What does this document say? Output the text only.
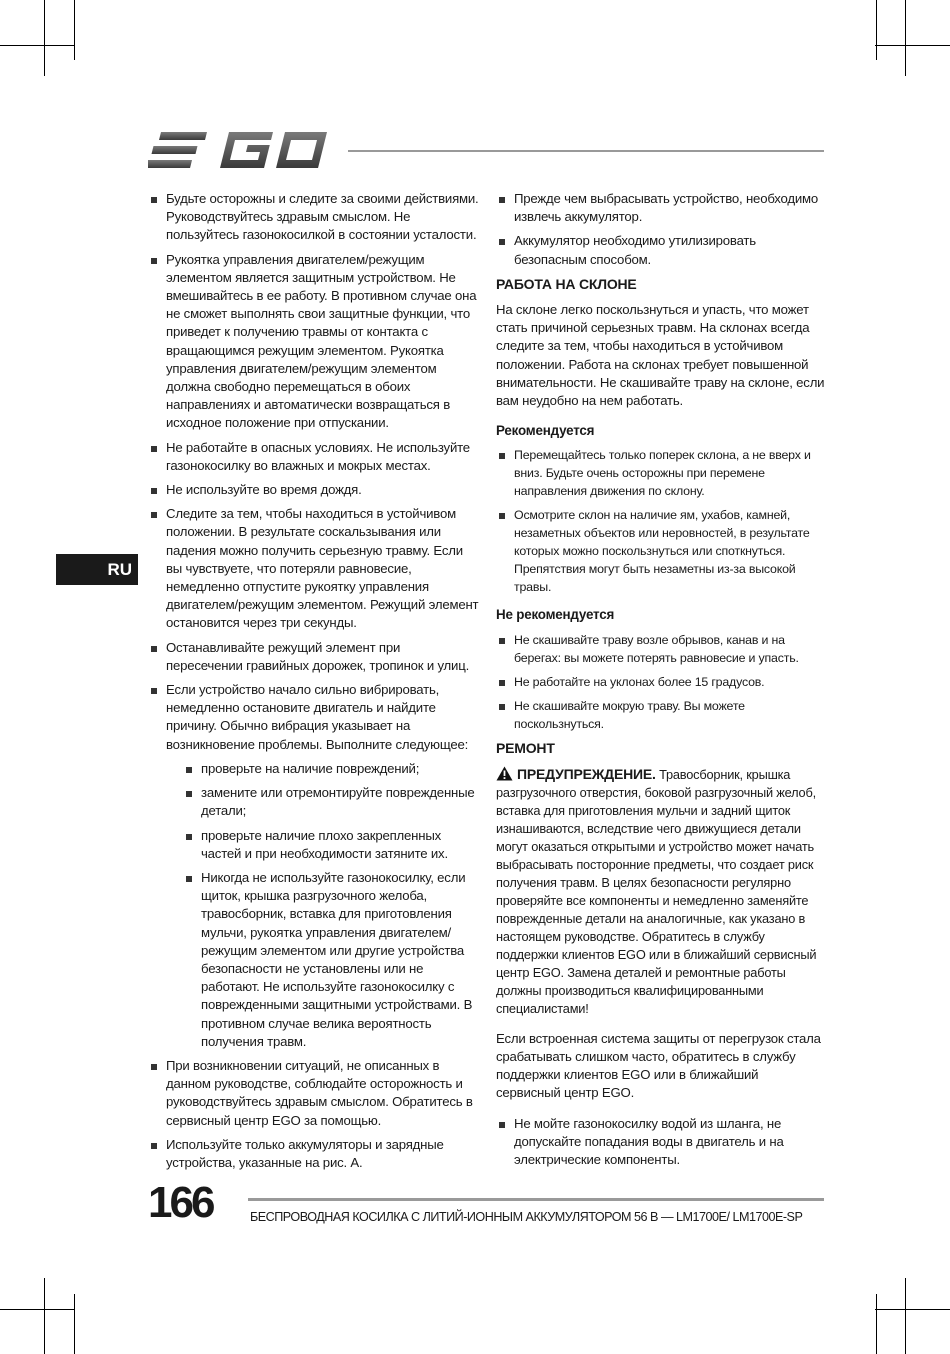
RU
Будьте осторожны и следите за своими действиями. Руководствуйтесь здравым смыслом. Не пользуйтесь газонокосилкой в состоянии усталости.
Рукоятка управления двигателем/режущим элементом является защитным устройством. Не вмешивайтесь в ее работу. В противном случае она не сможет выполнять свои защитные функции, что приведет к получению травмы от контакта с вращающимся режущим элементом. Рукоятка управления двигателем/режущим элементом должна свободно перемещаться в обоих направлениях и автоматически возвращаться в исходное положение при отпускании.
Не работайте в опасных условиях. Не используйте газонокосилку во влажных и мокрых местах.
Не используйте во время дождя.
Следите за тем, чтобы находиться в устойчивом положении. В результате соскальзывания или падения можно получить серьезную травму. Если вы чувствуете, что потеряли равновесие, немедленно отпустите рукоятку управления двигателем/режущим элементом. Режущий элемент остановится через три секунды.
Останавливайте режущий элемент при пересечении гравийных дорожек, тропинок и улиц.
Если устройство начало сильно вибрировать, немедленно остановите двигатель и найдите причину. Обычно вибрация указывает на возникновение проблемы. Выполните следующее:
проверьте на наличие повреждений;
замените или отремонтируйте поврежденные детали;
проверьте наличие плохо закрепленных частей и при необходимости затяните их.
Никогда не используйте газонокосилку, если щиток, крышка разгрузочного желоба, травосборник, вставка для приготовления мульчи, рукоятка управления двигателем/ режущим элементом или другие устройства безопасности не установлены или не работают. Не используйте газонокосилку с поврежденными защитными устройствами. В противном случае велика вероятность получения травм.
При возникновении ситуаций, не описанных в данном руководстве, соблюдайте осторожность и руководствуйтесь здравым смыслом. Обратитесь в сервисный центр EGO за помощью.
Используйте только аккумуляторы и зарядные устройства, указанные на рис. A.
Прежде чем выбрасывать устройство, необходимо извлечь аккумулятор.
Аккумулятор необходимо утилизировать безопасным способом.
РАБОТА НА СКЛОНЕ

На склоне легко поскользнуться и упасть, что может стать причиной серьезных травм. На склонах всегда следите за тем, чтобы находиться в устойчивом положении. Работа на склонах требует повышенной внимательности. Не скашивайте траву на склоне, если вам неудобно на нем работать.

Рекомендуется
Перемещайтесь только поперек склона, а не вверх и вниз. Будьте очень осторожны при перемене направления движения по склону.
Осмотрите склон на наличие ям, ухабов, камней, незаметных объектов или неровностей, в результате которых можно поскользнуться или споткнуться. Препятствия могут быть незаметны из-за высокой травы.
Не рекомендуется
Не скашивайте траву возле обрывов, канав и на берегах: вы можете потерять равновесие и упасть.
Не работайте на уклонах более 15 градусов.
Не скашивайте мокрую траву. Вы можете поскользнуться.
РЕМОНТ

ПРЕДУПРЕЖДЕНИЕ. Травосборник, крышка разгрузочного отверстия, боковой разгрузочный желоб, вставка для приготовления мульчи и задний щиток изнашиваются, вследствие чего движущиеся детали могут оказаться открытыми и устройство может начать выбрасывать посторонние предметы, что создает риск получения травм. В целях безопасности регулярно проверяйте все компоненты и немедленно заменяйте поврежденные детали на аналогичные, как указано в настоящем руководстве. Обратитесь в службу поддержки клиентов EGO или в ближайший сервисный центр EGO. Замена деталей и ремонтные работы должны производиться квалифицированными специалистами!

Если встроенная система защиты от перегрузок стала срабатывать слишком часто, обратитесь в службу поддержки клиентов EGO или в ближайший сервисный центр EGO.

Не мойте газонокосилку водой из шланга, не допускайте попадания воды в двигатель и на электрические компоненты.
166	БЕСПРОВОДНАЯ КОСИЛКА С ЛИТИЙ-ИОННЫМ АККУМУЛЯТОРОМ 56 В — LM1700E/ LM1700E-SP
